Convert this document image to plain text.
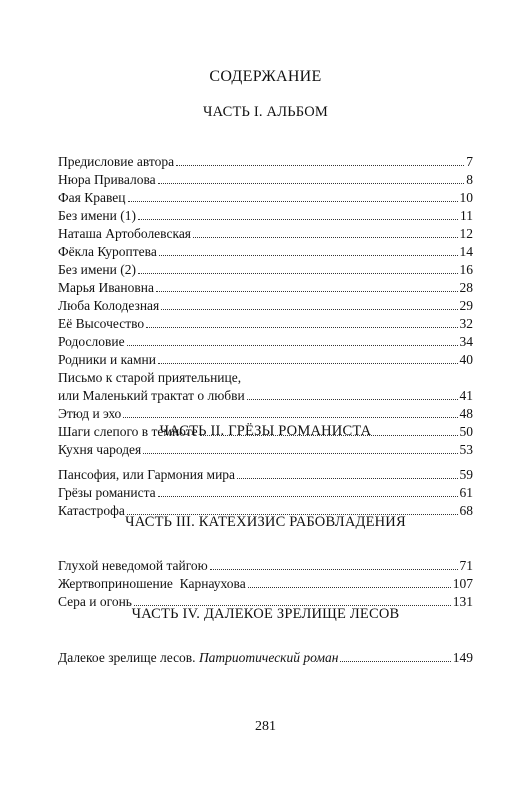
СОДЕРЖАНИЕ
ЧАСТЬ I. АЛЬБОМ
Предисловие автора	7
Нюра Привалова	8
Фая Кравец	10
Без имени (1)	11
Наташа Артоболевская	12
Фёкла Куроптева	14
Без имени (2)	16
Марья Ивановна	28
Люба Колодезная	29
Её Высочество	32
Родословие	34
Родники и камни	40
Письмо к старой приятельнице,
или Маленький трактат о любви	41
Этюд и эхо	48
Шаги слепого в темноте	50
Кухня чародея	53
ЧАСТЬ II. ГРЁЗЫ РОМАНИСТА
Пансофия, или Гармония мира	59
Грёзы романиста	61
Катастрофа	68
ЧАСТЬ III. КАТЕХИЗИС РАБОВЛАДЕНИЯ
Глухой неведомой тайгою	71
Жертвоприношение  Карнаухова	107
Сера и огонь	131
ЧАСТЬ IV. ДАЛЕКОЕ ЗРЕЛИЩЕ ЛЕСОВ
Далекое зрелище лесов. Патриотический роман	149
281
